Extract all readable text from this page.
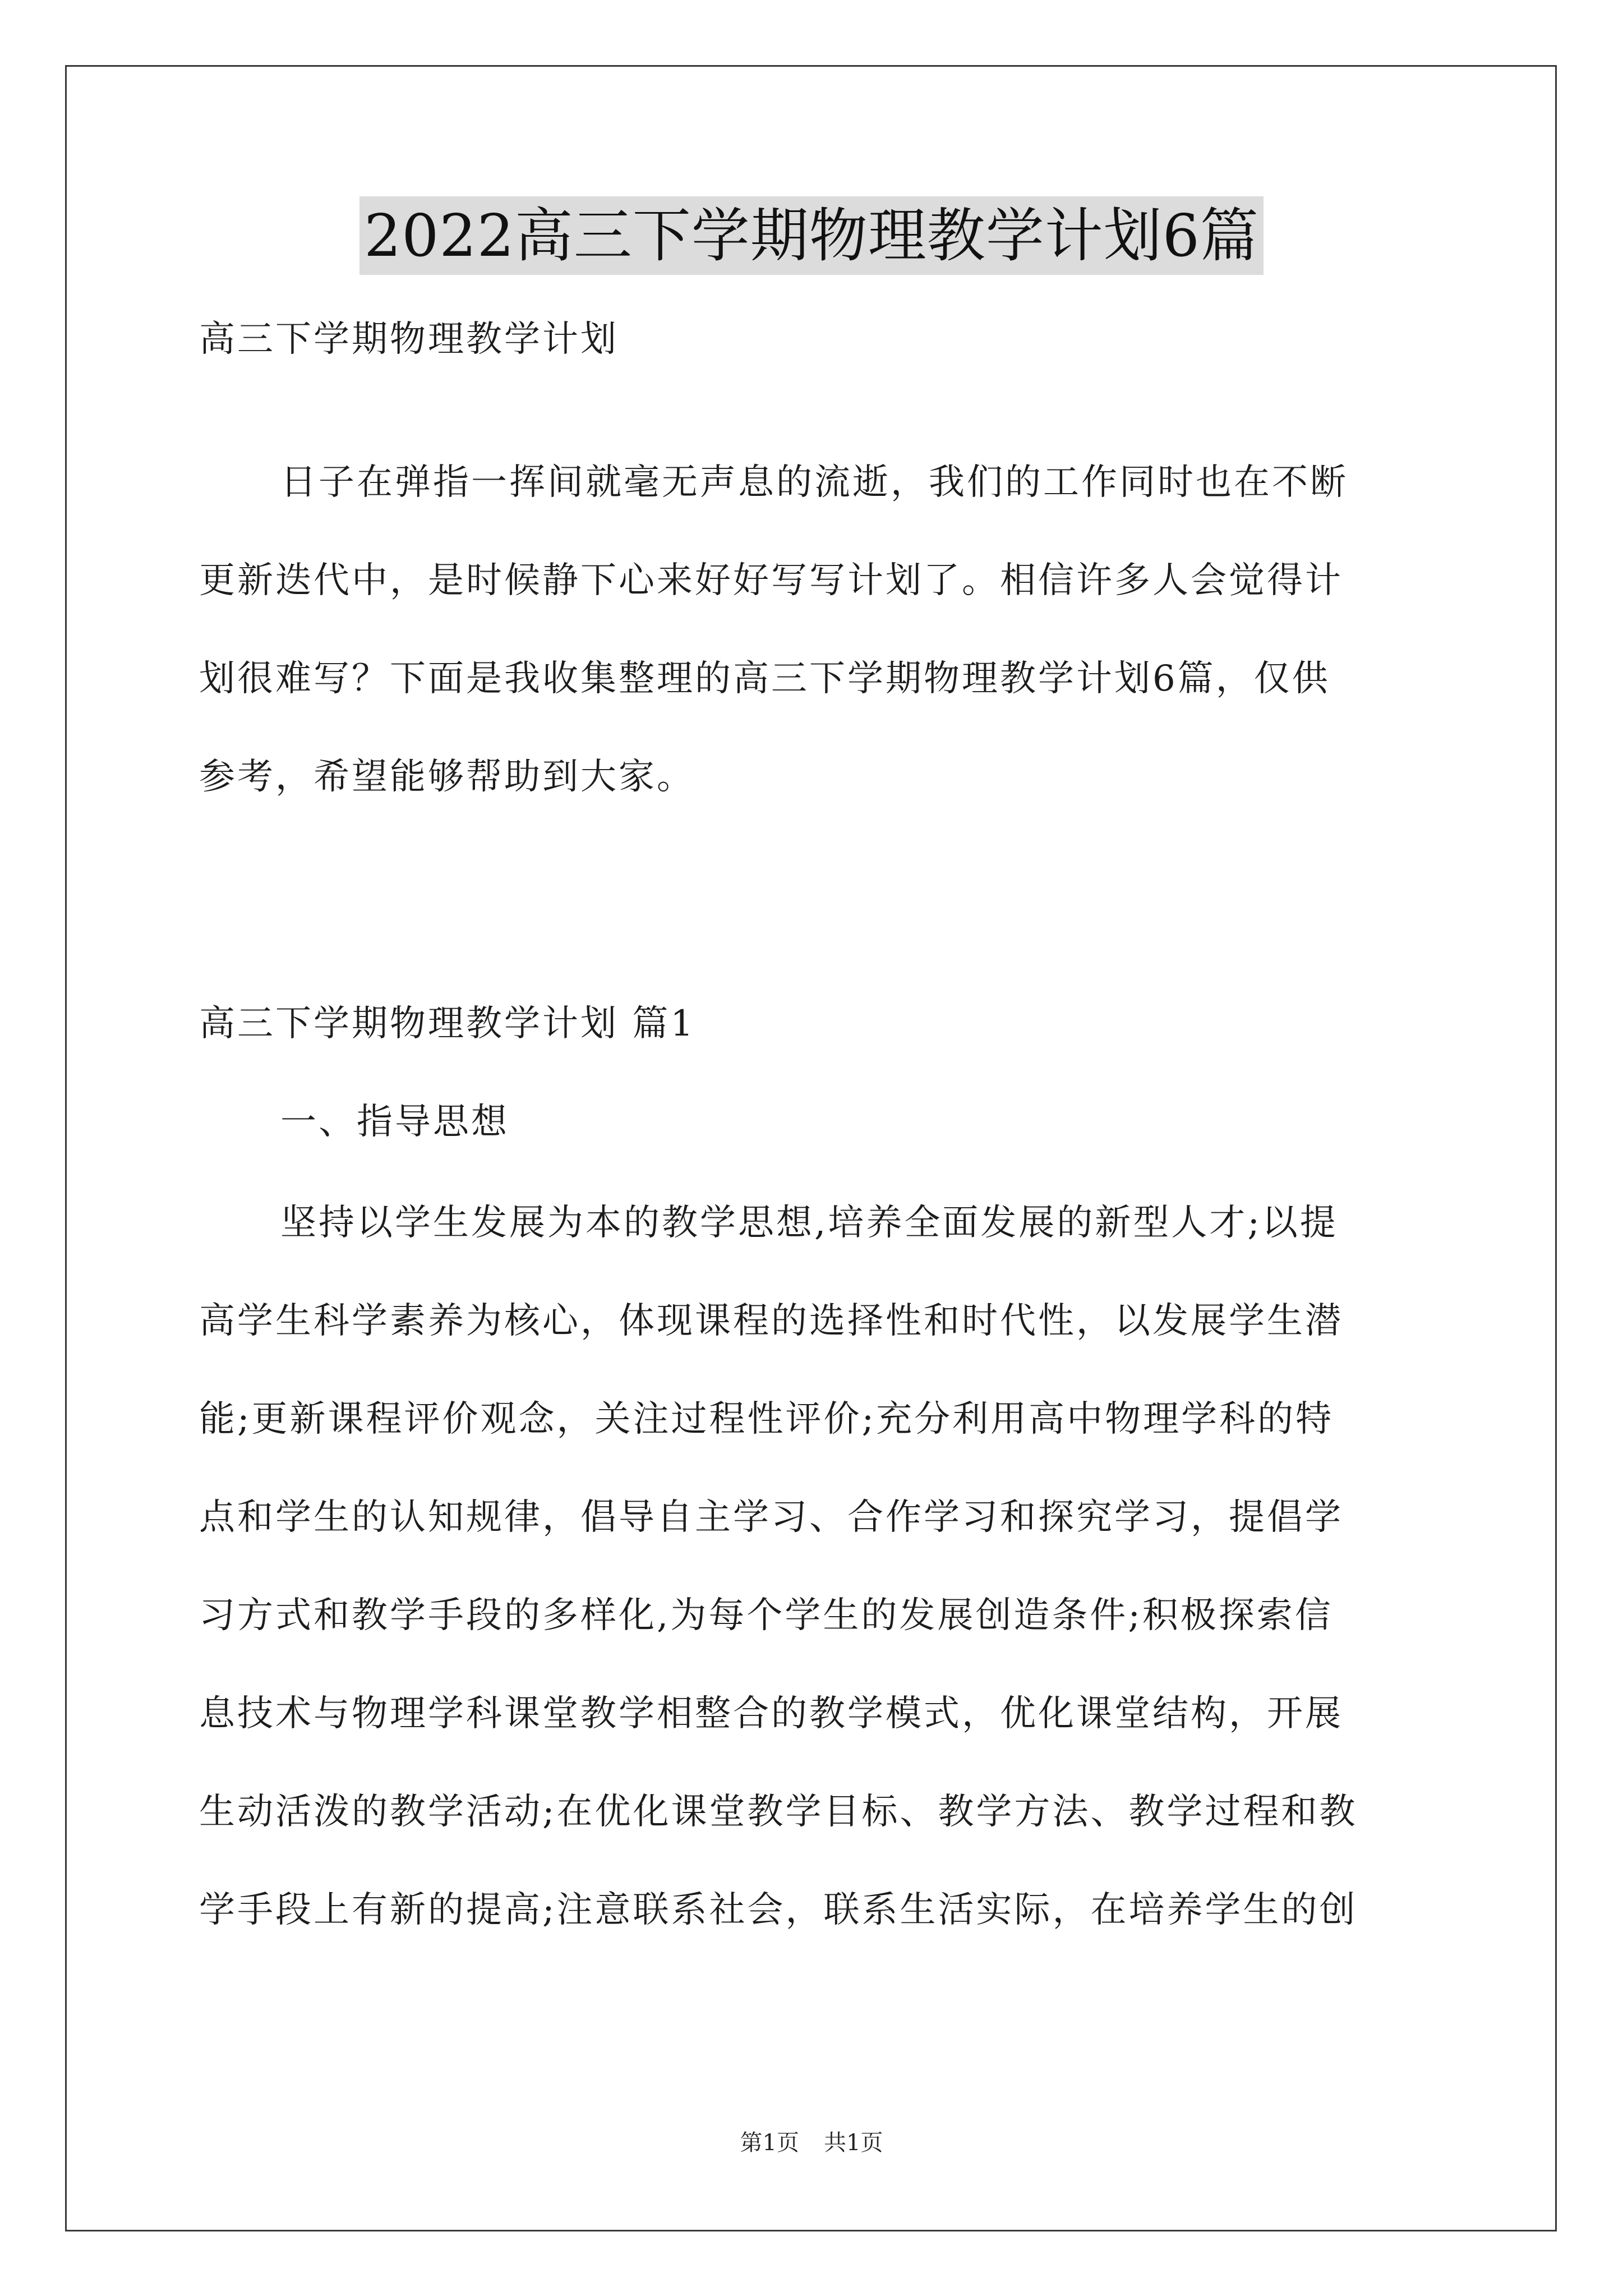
2022高三下学期物理教学计划6篇
高三下学期物理教学计划
日子在弹指一挥间就毫无声息的流逝，我们的工作同时也在不断
更新迭代中，是时候静下心来好好写写计划了。相信许多人会觉得计
划很难写？下面是我收集整理的高三下学期物理教学计划6篇，仅供
参考，希望能够帮助到大家。
高三下学期物理教学计划 篇1
一、指导思想
坚持以学生发展为本的教学思想,培养全面发展的新型人才;以提
高学生科学素养为核心，体现课程的选择性和时代性，以发展学生潜
能;更新课程评价观念，关注过程性评价;充分利用高中物理学科的特
点和学生的认知规律，倡导自主学习、合作学习和探究学习，提倡学
习方式和教学手段的多样化,为每个学生的发展创造条件;积极探索信
息技术与物理学科课堂教学相整合的教学模式，优化课堂结构，开展
生动活泼的教学活动;在优化课堂教学目标、教学方法、教学过程和教
学手段上有新的提高;注意联系社会，联系生活实际，在培养学生的创
第1页 共1页
